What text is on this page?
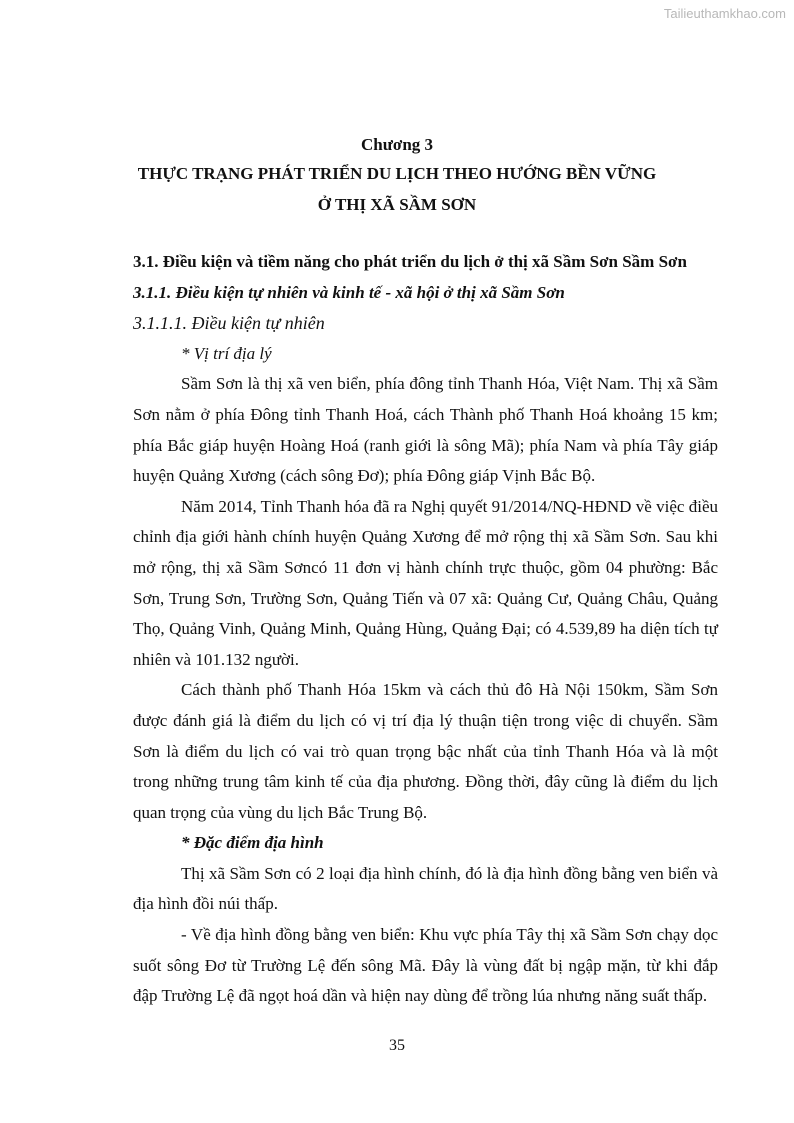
Tailieuthamkhao.com
Chương 3
THỰC TRẠNG PHÁT TRIỂN DU LỊCH THEO HƯỚNG BỀN VỮNG
Ở THỊ XÃ SẦM SƠN

3.1. Điều kiện và tiềm năng cho phát triển du lịch ở thị xã Sầm Sơn Sầm Sơn

3.1.1. Điều kiện tự nhiên và kinh tế - xã hội ở thị xã Sầm Sơn

3.1.1.1. Điều kiện tự nhiên

* Vị trí địa lý

Sầm Sơn là thị xã ven biển, phía đông tỉnh Thanh Hóa, Việt Nam. Thị xã Sầm Sơn nằm ở phía Đông tỉnh Thanh Hoá, cách Thành phố Thanh Hoá khoảng 15 km; phía Bắc giáp huyện Hoàng Hoá (ranh giới là sông Mã); phía Nam và phía Tây giáp huyện Quảng Xương (cách sông Đơ); phía Đông giáp Vịnh Bắc Bộ.

Năm 2014, Tỉnh Thanh hóa đã ra Nghị quyết 91/2014/NQ-HĐND về việc điều chỉnh địa giới hành chính huyện Quảng Xương để mở rộng thị xã Sầm Sơn. Sau khi mở rộng, thị xã Sầm Sơncó 11 đơn vị hành chính trực thuộc, gồm 04 phường: Bắc Sơn, Trung Sơn, Trường Sơn, Quảng Tiến và 07 xã: Quảng Cư, Quảng Châu, Quảng Thọ, Quảng Vinh, Quảng Minh, Quảng Hùng, Quảng Đại; có 4.539,89 ha diện tích tự nhiên và 101.132 người.

Cách thành phố Thanh Hóa 15km và cách thủ đô Hà Nội 150km, Sầm Sơn được đánh giá là điểm du lịch có vị trí địa lý thuận tiện trong việc di chuyển. Sầm Sơn là điểm du lịch có vai trò quan trọng bậc nhất của tỉnh Thanh Hóa và là một trong những trung tâm kinh tế của địa phương. Đồng thời, đây cũng là điểm du lịch quan trọng của vùng du lịch Bắc Trung Bộ.

* Đặc điểm địa hình

Thị xã Sầm Sơn có 2 loại địa hình chính, đó là địa hình đồng bằng ven biển và địa hình đồi núi thấp.

- Về địa hình đồng bằng ven biển: Khu vực phía Tây thị xã Sầm Sơn chạy dọc suốt sông Đơ từ Trường Lệ đến sông Mã. Đây là vùng đất bị ngập mặn, từ khi đắp đập Trường Lệ đã ngọt hoá dần và hiện nay dùng để trồng lúa nhưng năng suất thấp.

35
